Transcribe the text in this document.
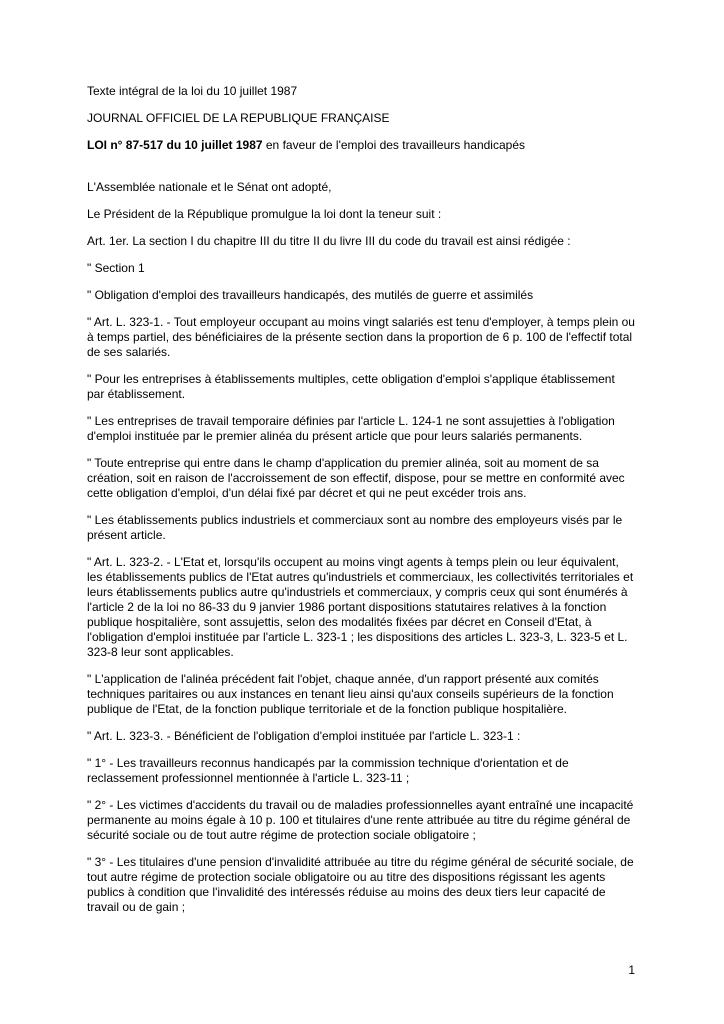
Texte intégral de la loi du 10 juillet 1987

JOURNAL OFFICIEL DE LA REPUBLIQUE FRANÇAISE

LOI n° 87-517 du 10 juillet 1987 en faveur de l'emploi des travailleurs handicapés

L'Assemblée nationale et le Sénat ont adopté,

Le Président de la République promulgue la loi dont la teneur suit :

Art. 1er. La section I du chapitre III du titre II du livre III du code du travail est ainsi rédigée :

" Section 1

" Obligation d'emploi des travailleurs handicapés, des mutilés de guerre et assimilés

" Art. L. 323-1. - Tout employeur occupant au moins vingt salariés est tenu d'employer, à temps plein ou à temps partiel, des bénéficiaires de la présente section dans la proportion de 6 p. 100 de l'effectif total de ses salariés.

" Pour les entreprises à établissements multiples, cette obligation d'emploi s'applique établissement par établissement.

" Les entreprises de travail temporaire définies par l'article L. 124-1 ne sont assujetties à l'obligation d'emploi instituée par le premier alinéa du présent article que pour leurs salariés permanents.

" Toute entreprise qui entre dans le champ d'application du premier alinéa, soit au moment de sa création, soit en raison de l'accroissement de son effectif, dispose, pour se mettre en conformité avec cette obligation d'emploi, d'un délai fixé par décret et qui ne peut excéder trois ans.

" Les établissements publics industriels et commerciaux sont au nombre des employeurs visés par le présent article.

" Art. L. 323-2. - L'Etat et, lorsqu'ils occupent au moins vingt agents à temps plein ou leur équivalent, les établissements publics de l'Etat autres qu'industriels et commerciaux, les collectivités territoriales et leurs établissements publics autre qu'industriels et commerciaux, y compris ceux qui sont énumérés à l'article 2 de la loi no 86-33 du 9 janvier 1986 portant dispositions statutaires relatives à la fonction publique hospitalière, sont assujettis, selon des modalités fixées par décret en Conseil d'Etat, à l'obligation d'emploi instituée par l'article L. 323-1 ; les dispositions des articles L. 323-3, L. 323-5 et L. 323-8 leur sont applicables.

" L'application de l'alinéa précédent fait l'objet, chaque année, d'un rapport présenté aux comités techniques paritaires ou aux instances en tenant lieu ainsi qu'aux conseils supérieurs de la fonction publique de l'Etat, de la fonction publique territoriale et de la fonction publique hospitalière.

" Art. L. 323-3. - Bénéficient de l'obligation d'emploi instituée par l'article L. 323-1 :

" 1° - Les travailleurs reconnus handicapés par la commission technique d'orientation et de reclassement professionnel mentionnée à l'article L. 323-11 ;

" 2° - Les victimes d'accidents du travail ou de maladies professionnelles ayant entraîné une incapacité permanente au moins égale à 10 p. 100 et titulaires d'une rente attribuée au titre du régime général de sécurité sociale ou de tout autre régime de protection sociale obligatoire ;

" 3° - Les titulaires d'une pension d'invalidité attribuée au titre du régime général de sécurité sociale, de tout autre régime de protection sociale obligatoire ou au titre des dispositions régissant les agents publics à condition que l'invalidité des intéressés réduise au moins des deux tiers leur capacité de travail ou de gain ;

1
